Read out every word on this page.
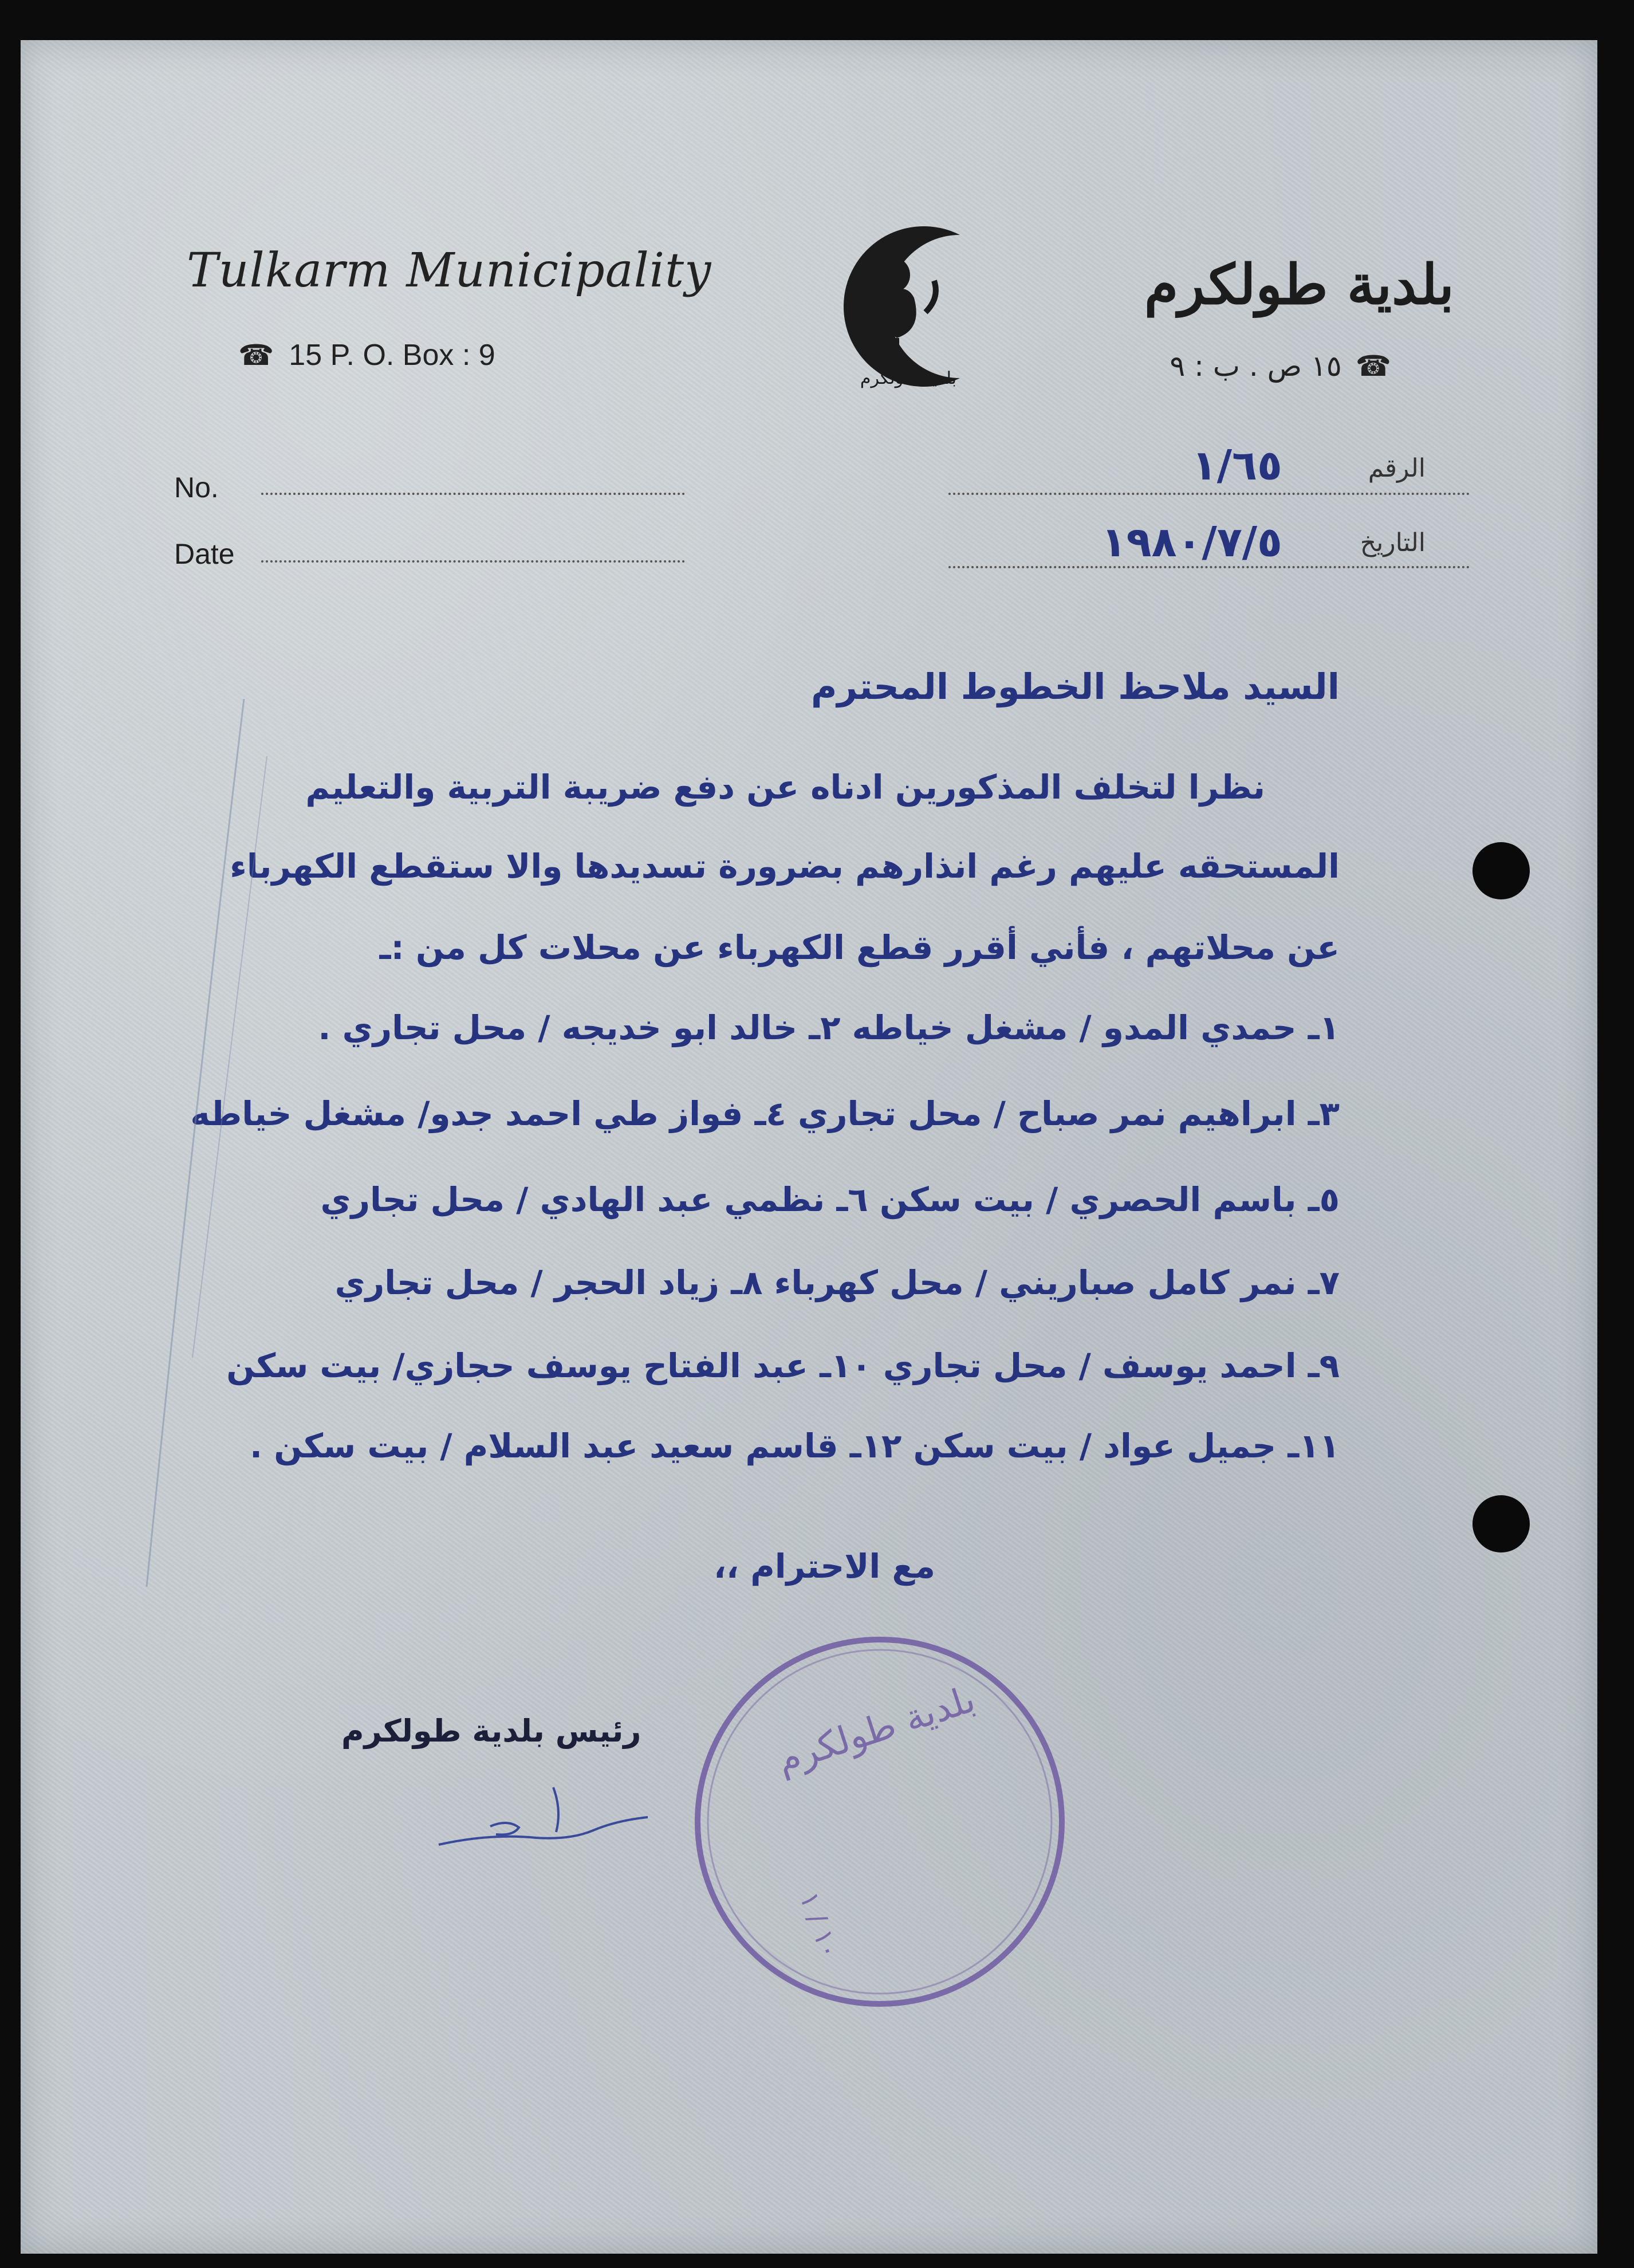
Tulkarm Municipality
☎ 15 P. O. Box : 9
بلدية طولكرم
بلدية طولكرم
☎
١٥ ص . ب : ٩
No.
Date
الرقم
١/٦٥
التاريخ
١٩٨٠/٧/٥
السيد ملاحظ الخطوط المحترم
نظرا لتخلف المذكورين ادناه عن دفع ضريبة التربية والتعليم
المستحقه عليهم رغم انذارهم بضرورة تسديدها والا ستقطع الكهرباء
عن محلاتهم ، فأني أقرر قطع الكهرباء عن محلات كل من :ـ
١ـ حمدي المدو / مشغل خياطه ٢ـ خالد ابو خديجه / محل تجاري .
٣ـ ابراهيم نمر صباح / محل تجاري ٤ـ فواز طي احمد جدو/ مشغل خياطه
٥ـ باسم الحصري / بيت سكن ٦ـ نظمي عبد الهادي / محل تجاري
٧ـ نمر كامل صباريني / محل كهرباء ٨ـ زياد الحجر / محل تجاري
٩ـ احمد يوسف / محل تجاري ١٠ـ عبد الفتاح يوسف حجازي/ بيت سكن
١١ـ جميل عواد / بيت سكن ١٢ـ قاسم سعيد عبد السلام / بيت سكن .
مع الاحترام ،،
رئيس بلدية طولكرم	بلدية طولكرم
١٠ / ١
